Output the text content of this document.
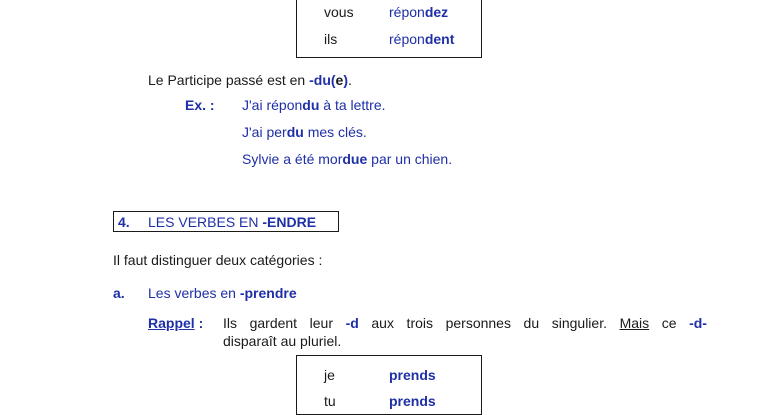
vous	répondez
ils	répondent
Le Participe passé est en -du(e).
Ex. : J'ai répondu à ta lettre.
J'ai perdu mes clés.
Sylvie a été mordue par un chien.
4. LES VERBES EN -ENDRE
Il faut distinguer deux catégories :
a. Les verbes en -prendre
Rappel : Ils gardent leur -d aux trois personnes du singulier. Mais ce -d-
disparaît au pluriel.
je	prends
tu	prends
